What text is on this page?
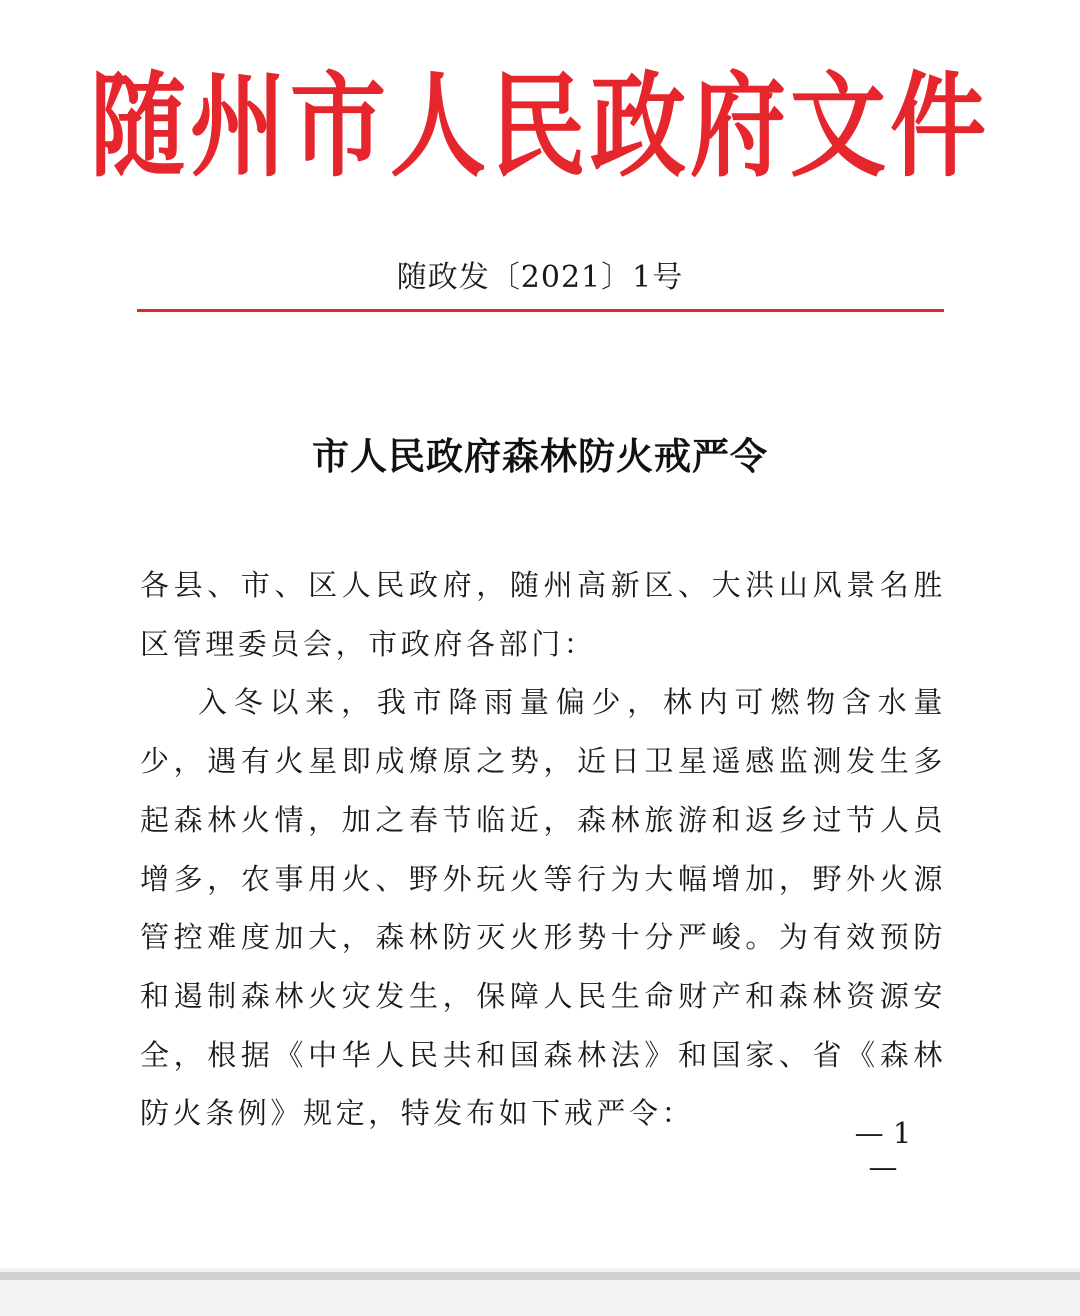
随州市人民政府文件
随政发〔2021〕1号
市人民政府森林防火戒严令

各县、市、区人民政府，随州高新区、大洪山风景名胜区管理委员会，市政府各部门：

入冬以来，我市降雨量偏少，林内可燃物含水量少，遇有火星即成燎原之势，近日卫星遥感监测发生多起森林火情，加之春节临近，森林旅游和返乡过节人员增多，农事用火、野外玩火等行为大幅增加，野外火源管控难度加大，森林防灭火形势十分严峻。为有效预防和遏制森林火灾发生，保障人民生命财产和森林资源安全，根据《中华人民共和国森林法》和国家、省《森林防火条例》规定，特发布如下戒严令：

— 1 —
